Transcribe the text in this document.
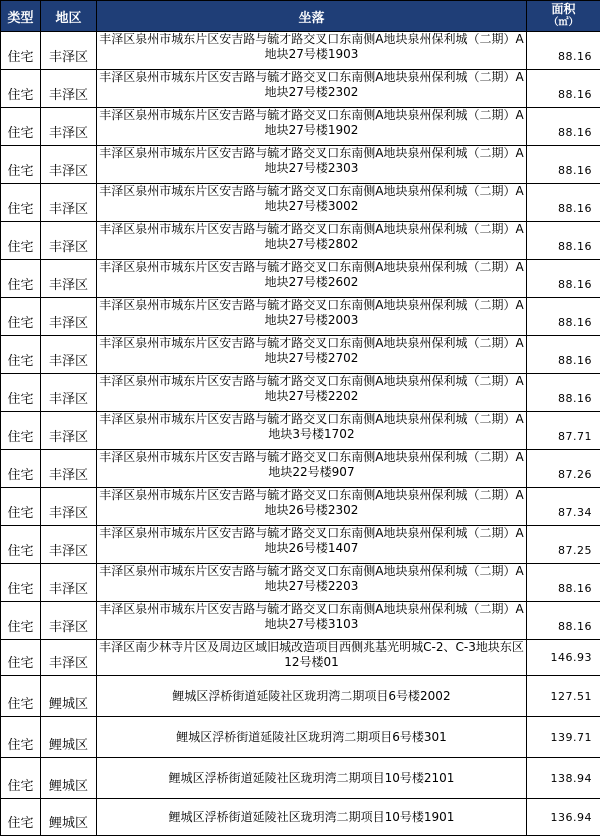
类型	地区	坐落	面积
（㎡）

住宅	丰泽区	丰泽区泉州市城东片区安吉路与毓才路交叉口东南侧A地块泉州保利城（二期）A地块27号楼1903	88.16
住宅	丰泽区	丰泽区泉州市城东片区安吉路与毓才路交叉口东南侧A地块泉州保利城（二期）A地块27号楼2302	88.16
住宅	丰泽区	丰泽区泉州市城东片区安吉路与毓才路交叉口东南侧A地块泉州保利城（二期）A地块27号楼1902	88.16
住宅	丰泽区	丰泽区泉州市城东片区安吉路与毓才路交叉口东南侧A地块泉州保利城（二期）A地块27号楼2303	88.16
住宅	丰泽区	丰泽区泉州市城东片区安吉路与毓才路交叉口东南侧A地块泉州保利城（二期）A地块27号楼3002	88.16
住宅	丰泽区	丰泽区泉州市城东片区安吉路与毓才路交叉口东南侧A地块泉州保利城（二期）A地块27号楼2802	88.16
住宅	丰泽区	丰泽区泉州市城东片区安吉路与毓才路交叉口东南侧A地块泉州保利城（二期）A地块27号楼2602	88.16
住宅	丰泽区	丰泽区泉州市城东片区安吉路与毓才路交叉口东南侧A地块泉州保利城（二期）A地块27号楼2003	88.16
住宅	丰泽区	丰泽区泉州市城东片区安吉路与毓才路交叉口东南侧A地块泉州保利城（二期）A地块27号楼2702	88.16
住宅	丰泽区	丰泽区泉州市城东片区安吉路与毓才路交叉口东南侧A地块泉州保利城（二期）A地块27号楼2202	88.16
住宅	丰泽区	丰泽区泉州市城东片区安吉路与毓才路交叉口东南侧A地块泉州保利城（二期）A地块3号楼1702	87.71
住宅	丰泽区	丰泽区泉州市城东片区安吉路与毓才路交叉口东南侧A地块泉州保利城（二期）A地块22号楼907	87.26
住宅	丰泽区	丰泽区泉州市城东片区安吉路与毓才路交叉口东南侧A地块泉州保利城（二期）A地块26号楼2302	87.34
住宅	丰泽区	丰泽区泉州市城东片区安吉路与毓才路交叉口东南侧A地块泉州保利城（二期）A地块26号楼1407	87.25
住宅	丰泽区	丰泽区泉州市城东片区安吉路与毓才路交叉口东南侧A地块泉州保利城（二期）A地块27号楼2203	88.16
住宅	丰泽区	丰泽区泉州市城东片区安吉路与毓才路交叉口东南侧A地块泉州保利城（二期）A地块27号楼3103	88.16
住宅	丰泽区	丰泽区南少林寺片区及周边区域旧城改造项目西侧兆基光明城C-2、C-3地块东区12号楼01	146.93
住宅	鲤城区	鲤城区浮桥街道延陵社区珑玥湾二期项目6号楼2002	127.51
住宅	鲤城区	鲤城区浮桥街道延陵社区珑玥湾二期项目6号楼301	139.71
住宅	鲤城区	鲤城区浮桥街道延陵社区珑玥湾二期项目10号楼2101	138.94
住宅	鲤城区	鲤城区浮桥街道延陵社区珑玥湾二期项目10号楼1901	136.94
